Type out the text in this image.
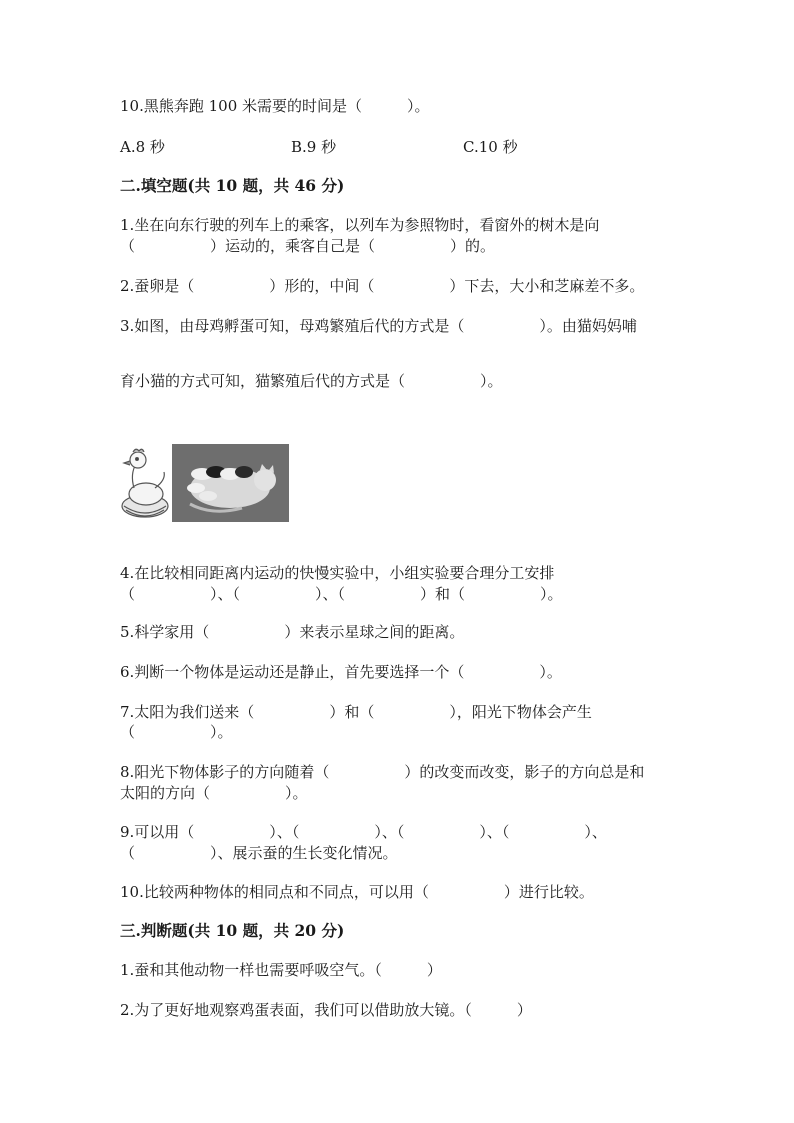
10.黑熊奔跑 100 米需要的时间是（　　　）。
A.8 秒	B.9 秒	C.10 秒
二.填空题(共 10 题，共 46 分)
1.坐在向东行驶的列车上的乘客，以列车为参照物时，看窗外的树木是向
（　　　　　）运动的，乘客自己是（　　　　　）的。
2.蚕卵是（　　　　　）形的，中间（　　　　　）下去，大小和芝麻差不多。
3.如图，由母鸡孵蛋可知，母鸡繁殖后代的方式是（　　　　　）。由猫妈妈哺
育小猫的方式可知，猫繁殖后代的方式是（　　　　　）。
4.在比较相同距离内运动的快慢实验中，小组实验要合理分工安排
（　　　　　）、（　　　　　）、（　　　　　）和（　　　　　）。
5.科学家用（　　　　　）来表示星球之间的距离。
6.判断一个物体是运动还是静止，首先要选择一个（　　　　　）。
7.太阳为我们送来（　　　　　）和（　　　　　），阳光下物体会产生
（　　　　　）。
8.阳光下物体影子的方向随着（　　　　　）的改变而改变，影子的方向总是和
太阳的方向（　　　　　）。
9.可以用（　　　　　）、（　　　　　）、（　　　　　）、（　　　　　）、
（　　　　　）、展示蚕的生长变化情况。
10.比较两种物体的相同点和不同点，可以用（　　　　　）进行比较。
三.判断题(共 10 题，共 20 分)
1.蚕和其他动物一样也需要呼吸空气。（　　　）
2.为了更好地观察鸡蛋表面，我们可以借助放大镜。（　　　）
